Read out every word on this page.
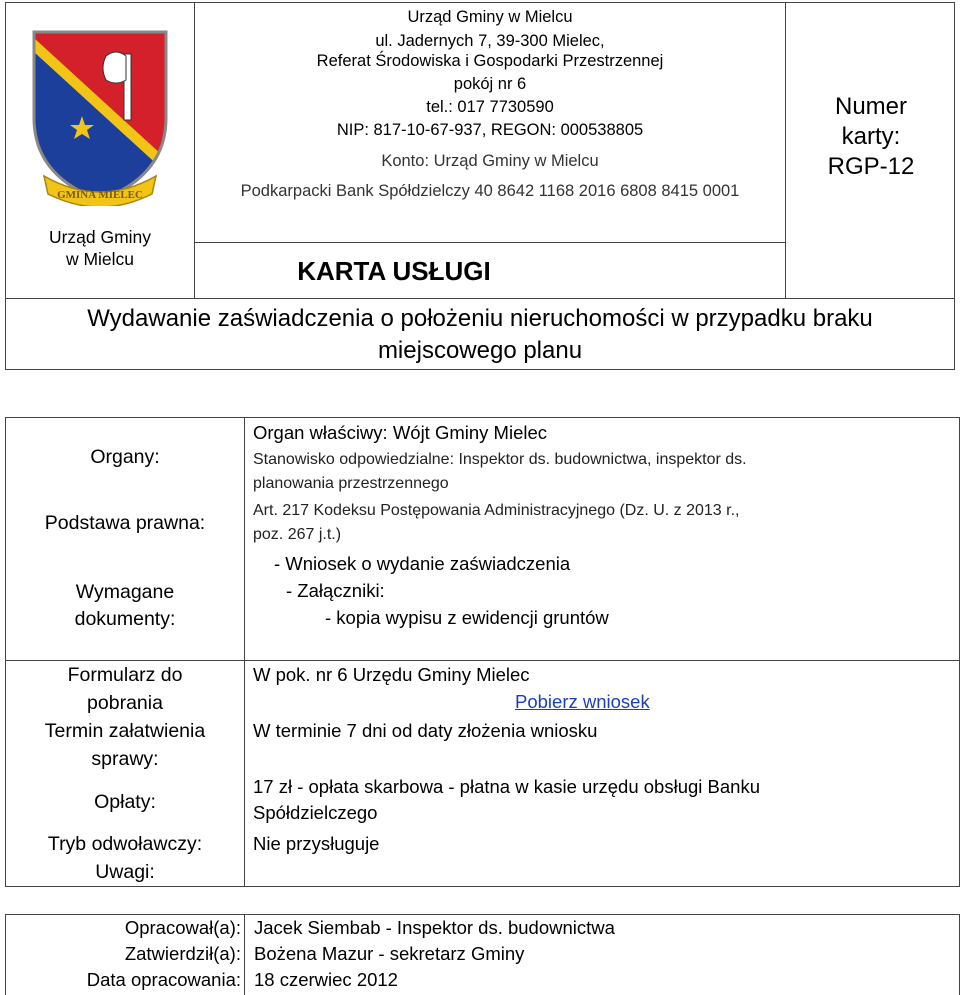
GMINA MIELEC
Urząd Gminy w Mielcu
ul. Jadernych 7, 39-300 Mielec,
Referat Środowiska i Gospodarki Przestrzennej
pokój nr 6
tel.: 017 7730590
NIP: 817-10-67-937, REGON: 000538805
Konto: Urząd Gminy w Mielcu
Podkarpacki Bank Spółdzielczy 40 8642 1168 2016 6808 8415 0001
Numer
karty:
RGP-12
Urząd Gminy
w Mielcu	KARTA USŁUGI
Wydawanie zaświadczenia o położeniu nieruchomości w przypadku braku
miejscowego planu
Organy:
Podstawa prawna:
Wymagane
dokumenty:
Formularz do
pobrania
Termin załatwienia
sprawy:
Opłaty:
Tryb odwoławczy:
Uwagi:
Organ właściwy: Wójt Gminy Mielec
Stanowisko odpowiedzialne: Inspektor ds. budownictwa, inspektor ds.
planowania przestrzennego
Art. 217 Kodeksu Postępowania Administracyjnego (Dz. U. z 2013 r.,
poz. 267 j.t.)
- Wniosek o wydanie zaświadczenia
- Załączniki:
- kopia wypisu z ewidencji gruntów
W pok. nr 6 Urzędu Gminy Mielec
Pobierz wniosek
W terminie 7 dni od daty złożenia wniosku
17 zł - opłata skarbowa - płatna w kasie urzędu obsługi Banku
Spółdzielczego
Nie przysługuje
Opracował(a): Jacek Siembab - Inspektor ds. budownictwa
Zatwierdził(a): Bożena Mazur - sekretarz Gminy
Data opracowania: 18 czerwiec 2012
